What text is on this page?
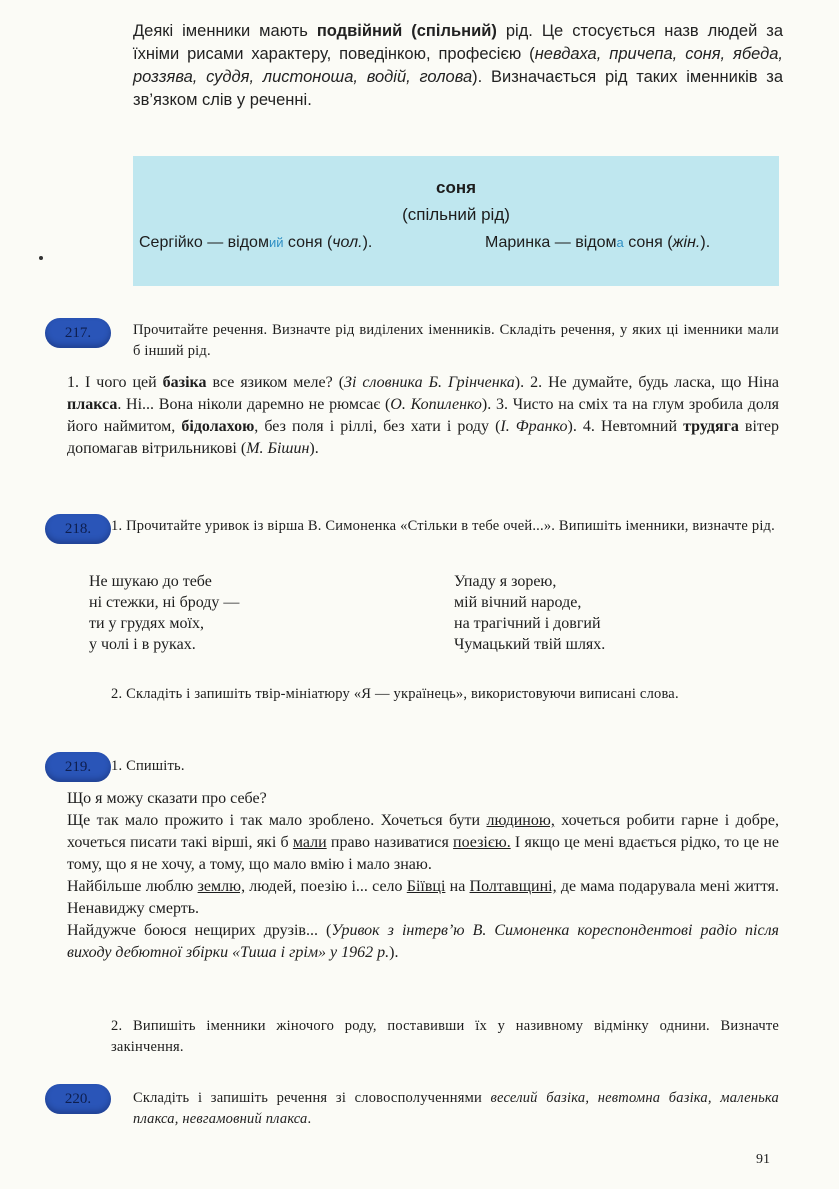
Деякі іменники мають подвійний (спільний) рід. Це стосується назв людей за їхніми рисами характеру, поведінкою, професією (невдаха, причепа, соня, ябеда, роззява, суддя, листоноша, водій, голова). Визначається рід таких іменників за зв’язком слів у реченні.
соня
(спільний рід)
Сергійко — відомий соня (чол.).	Маринка — відома соня (жін.).
217.	Прочитайте речення. Визначте рід виділених іменників. Складіть речення, у яких ці іменники мали б інший рід.
1. І чого цей базіка все язиком меле? (Зі словника Б. Грінченка). 2. Не думайте, будь ласка, що Ніна плакса. Ні... Вона ніколи даремно не рюмсає (О. Копиленко). 3. Чисто на сміх та на глум зробила доля його наймитом, бідолахою, без поля і ріллі, без хати і роду (І. Франко). 4. Невтомний трудяга вітер допомагав вітрильникові (М. Бішин).
218.	1. Прочитайте уривок із вірша В. Симоненка «Стільки в тебе очей...». Випишіть іменники, визначте рід.
Не шукаю до тебе
ні стежки, ні броду —
ти у грудях моїх,
у чолі і в руках.
Упаду я зорею,
мій вічний народе,
на трагічний і довгий
Чумацький твій шлях.
2. Складіть і запишіть твір-мініатюру «Я — українець», використовуючи виписані слова.
219.	1. Спишіть.
Що я можу сказати про себе?
Ще так мало прожито і так мало зроблено. Хочеться бути людиною, хочеться робити гарне і добре, хочеться писати такі вірші, які б мали право називатися поезією. І якщо це мені вдається рідко, то це не тому, що я не хочу, а тому, що мало вмію і мало знаю.
Найбільше люблю землю, людей, поезію і... село Біївці на Полтавщині, де мама подарувала мені життя. Ненавиджу смерть.
Найдужче боюся нещирих друзів... (Уривок з інтерв’ю В. Симоненка кореспондентові радіо після виходу дебютної збірки «Тиша і грім» у 1962 р.).
2. Випишіть іменники жіночого роду, поставивши їх у називному відмінку однини. Визначте закінчення.
220.	Складіть і запишіть речення зі словосполученнями веселий базіка, невтомна базіка, маленька плакса, невгамовний плакса.
91
